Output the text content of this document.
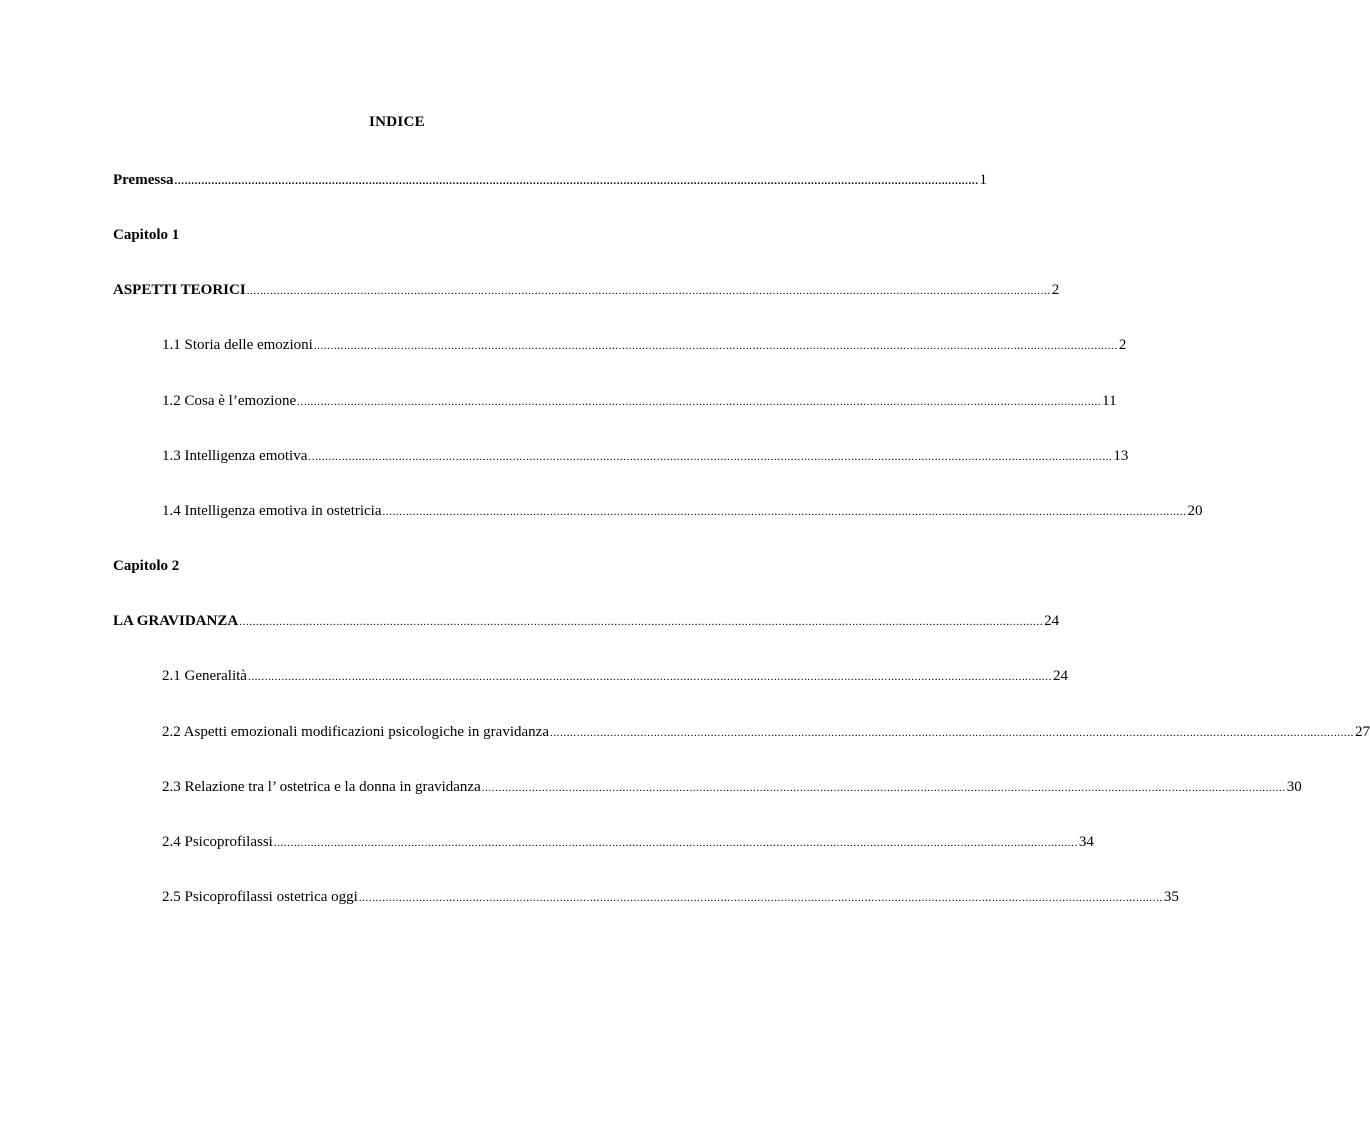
INDICE
Premessa ................................................................................................................................................................................................................................................ 1
Capitolo 1
ASPETTI TEORICI ................................................................................................................................................................................................................................................ 2
1.1 Storia delle emozioni ................................................................................................................................................................................................................................................ 2
1.2 Cosa è l’emozione ................................................................................................................................................................................................................................................ 11
1.3 Intelligenza emotiva ................................................................................................................................................................................................................................................ 13
1.4 Intelligenza emotiva in ostetricia ................................................................................................................................................................................................................................................ 20
Capitolo 2
LA GRAVIDANZA ................................................................................................................................................................................................................................................ 24
2.1 Generalità ................................................................................................................................................................................................................................................ 24
2.2 Aspetti emozionali modificazioni psicologiche in gravidanza ................................................................................................................................................................................................................................................ 27
2.3 Relazione tra l’ ostetrica e la donna in gravidanza ................................................................................................................................................................................................................................................ 30
2.4 Psicoprofilassi ................................................................................................................................................................................................................................................ 34
2.5 Psicoprofilassi ostetrica oggi ................................................................................................................................................................................................................................................ 35
